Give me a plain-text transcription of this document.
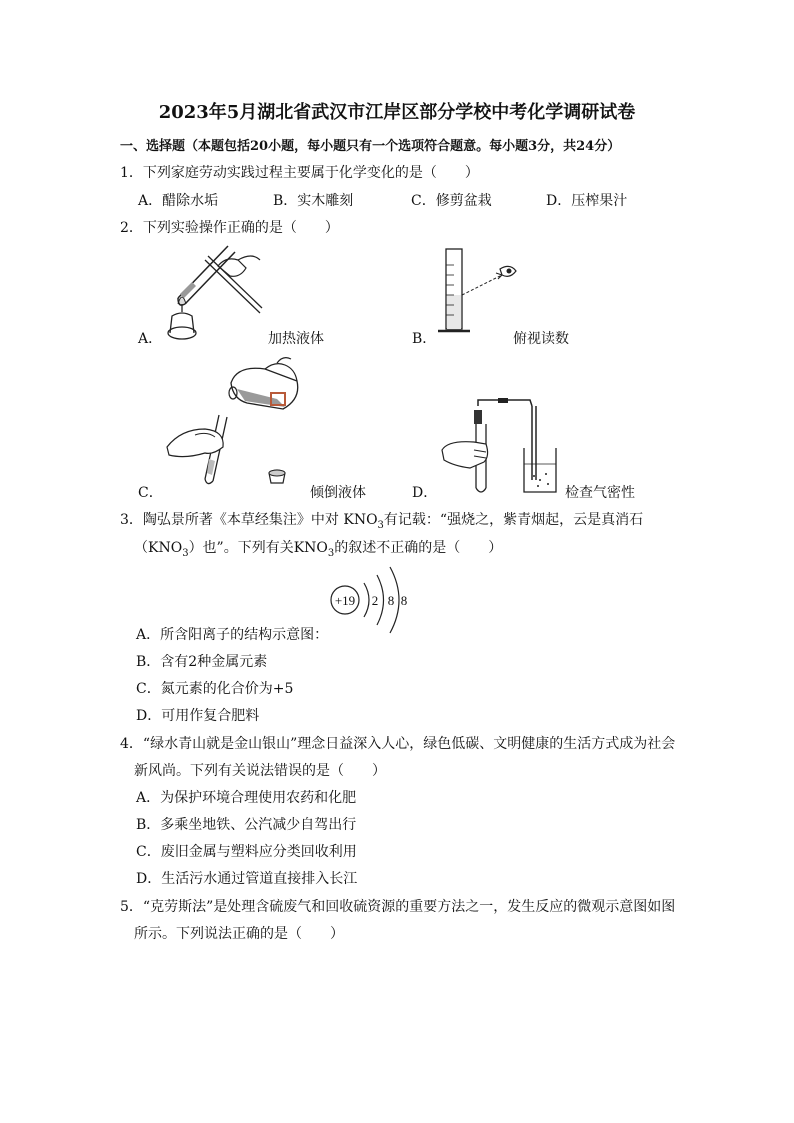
2023年5月湖北省武汉市江岸区部分学校中考化学调研试卷
一、选择题（本题包括20小题，每小题只有一个选项符合题意。每小题3分，共24分）
1．下列家庭劳动实践过程主要属于化学变化的是（　　）
A．醋除水垢	B．实木雕刻	C．修剪盆栽	D．压榨果汁
2．下列实验操作正确的是（　　）
A．	加热液体	B．	俯视读数
C．	倾倒液体	D．	检查气密性
3．陶弘景所著《本草经集注》中对 $KNO_3$有记载：“强烧之，紫青烟起，云是真消石
$(KNO_3)$也”。下列有关$KNO_3$的叙述不正确的是（　　）
+19 2 8 8
A．所含阳离子的结构示意图：
B．含有2种金属元素
C．氮元素的化合价为+5
D．可用作复合肥料
4．“绿水青山就是金山银山”理念日益深入人心，绿色低碳、文明健康的生活方式成为社会
新风尚。下列有关说法错误的是（　　）
A．为保护环境合理使用农药和化肥
B．多乘坐地铁、公汽减少自驾出行
C．废旧金属与塑料应分类回收利用
D．生活污水通过管道直接排入长江
5．“克劳斯法”是处理含硫废气和回收硫资源的重要方法之一，发生反应的微观示意图如图
所示。下列说法正确的是（　　）
